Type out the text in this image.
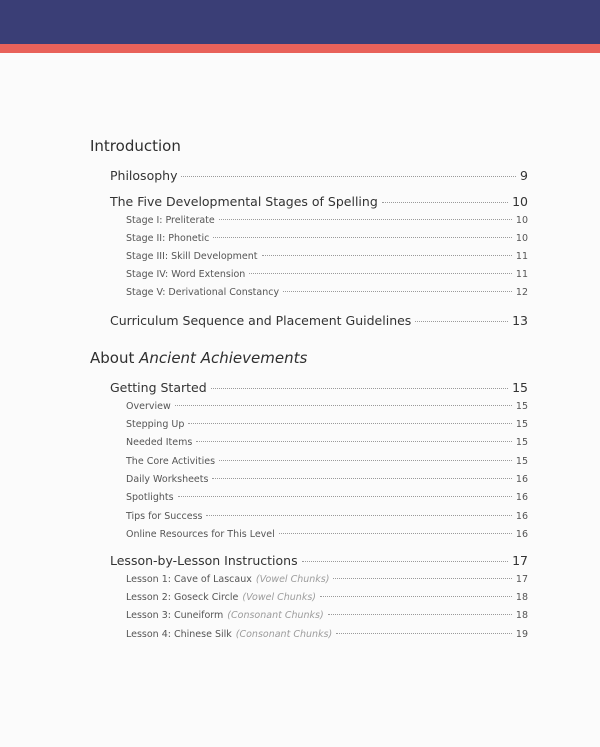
Introduction
Philosophy	9
The Five Developmental Stages of Spelling	10
Stage I: Preliterate	10
Stage II: Phonetic	10
Stage III: Skill Development	11
Stage IV: Word Extension	11
Stage V: Derivational Constancy	12
Curriculum Sequence and Placement Guidelines	13
About Ancient Achievements
Getting Started	15
Overview	15
Stepping Up	15
Needed Items	15
The Core Activities	15
Daily Worksheets	16
Spotlights	16
Tips for Success	16
Online Resources for This Level	16
Lesson-by-Lesson Instructions	17
Lesson 1: Cave of Lascaux (Vowel Chunks)	17
Lesson 2: Goseck Circle (Vowel Chunks)	18
Lesson 3: Cuneiform (Consonant Chunks)	18
Lesson 4: Chinese Silk (Consonant Chunks)	19
